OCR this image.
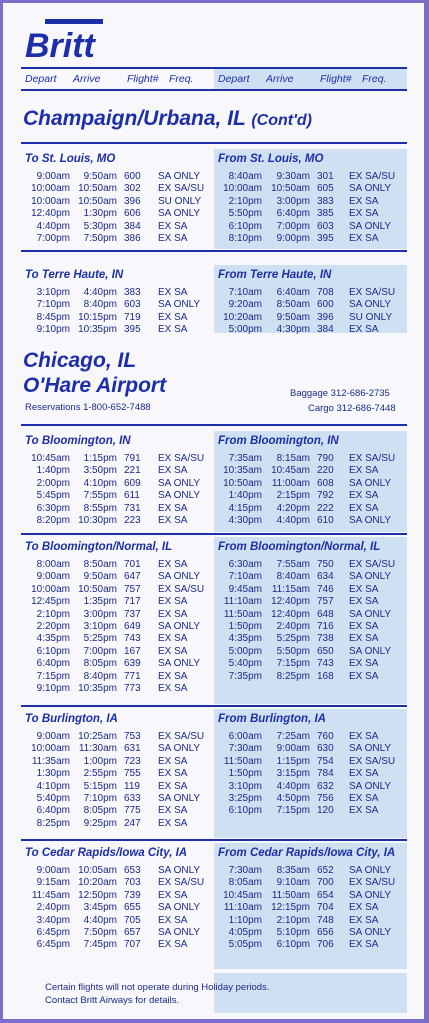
Britt
Depart Arrive	Flight# Freq. Depart Arrive	Flight# Freq.
Champaign/Urbana, IL (Cont'd)
Chicago, IL
O'Hare Airport
Reservations 1-800-652-7488
Baggage 312-686-2735
Cargo 312-686-7448
To St. Louis, MO
9:00am	9:50am 600	SA ONLY
10:00am 10:50am 302	EX SA/SU
10:00am 10:50am 396	SU ONLY
12:40pm	1:30pm 606	SA ONLY
4:40pm	5:30pm 384	EX SA
7:00pm	7:50pm 386	EX SA
From St. Louis, MO
8:40am	9:30am 301	EX SA/SU
10:00am 10:50am 605	SA ONLY
2:10pm	3:00pm 383	EX SA
5:50pm	6:40pm 385	EX SA
6:10pm	7:00pm 603	SA ONLY
8:10pm	9:00pm 395	EX SA
To Terre Haute, IN
3:10pm	4:40pm 383	EX SA
7:10pm	8:40pm 603	SA ONLY
8:45pm 10:15pm 719	EX SA
9:10pm 10:35pm 395	EX SA
From Terre Haute, IN
7:10am	6:40am 708	EX SA/SU
9:20am	8:50am 600	SA ONLY
10:20am	9:50am 396	SU ONLY
5:00pm	4:30pm 384	EX SA
To Bloomington, IN
10:45am	1:15pm 791	EX SA/SU
1:40pm	3:50pm 221	EX SA
2:00pm	4:10pm 609	SA ONLY
5:45pm	7:55pm 611	SA ONLY
6:30pm	8:55pm 731	EX SA
8:20pm 10:30pm 223	EX SA
From Bloomington, IN
7:35am	8:15am 790	EX SA/SU
10:35am 10:45am 220	EX SA
10:50am 11:00am 608	SA ONLY
1:40pm	2:15pm 792	EX SA
4:15pm	4:20pm 222	EX SA
4:30pm	4:40pm 610	SA ONLY
To Bloomington/Normal, IL
8:00am	8:50am 701	EX SA
9:00am	9:50am 647	SA ONLY
10:00am 10:50am 757	EX SA/SU
12:45pm	1:35pm 717	EX SA
2:10pm	3:00pm 737	EX SA
2:20pm	3:10pm 649	SA ONLY
4:35pm	5:25pm 743	EX SA
6:10pm	7:00pm 167	EX SA
6:40pm	8:05pm 639	SA ONLY
7:15pm	8:40pm 771	EX SA
9:10pm 10:35pm 773	EX SA
From Bloomington/Normal, IL
6:30am	7:55am 750	EX SA/SU
7:10am	8:40am 634	SA ONLY
9:45am 11:15am 746	EX SA
11:10am 12:40pm 757	EX SA
11:50am 12:40pm 648	SA ONLY
1:50pm	2:40pm 716	EX SA
4:35pm	5:25pm 738	EX SA
5:00pm	5:50pm 650	SA ONLY
5:40pm	7:15pm 743	EX SA
7:35pm	8:25pm 168	EX SA
To Burlington, IA
9:00am 10:25am 753	EX SA/SU
10:00am 11:30am 631	SA ONLY
11:35am	1:00pm 723	EX SA
1:30pm	2:55pm 755	EX SA
4:10pm	5:15pm 119	EX SA
5:40pm	7:10pm 633	SA ONLY
6:40pm	8:05pm 775	EX SA
8:25pm	9:25pm 247	EX SA
From Burlington, IA
6:00am	7:25am 760	EX SA
7:30am	9:00am 630	SA ONLY
11:50am	1:15pm 754	EX SA/SU
1:50pm	3:15pm 784	EX SA
3:10pm	4:40pm 632	SA ONLY
3:25pm	4:50pm 756	EX SA
6:10pm	7:15pm 120	EX SA
To Cedar Rapids/Iowa City, IA
9:00am 10:05am 653	SA ONLY
9:15am 10:20am 703	EX SA/SU
11:45am 12:50pm 739	EX SA
2:40pm	3:45pm 655	SA ONLY
3:40pm	4:40pm 705	EX SA
6:45pm	7:50pm 657	SA ONLY
6:45pm	7:45pm 707	EX SA
From Cedar Rapids/Iowa City, IA
7:30am	8:35am 652	SA ONLY
8:05am	9:10am 700	EX SA/SU
10:45am 11:50am 654	SA ONLY
11:10am 12:15pm 704	EX SA
1:10pm	2:10pm 748	EX SA
4:05pm	5:10pm 656	SA ONLY
5:05pm	6:10pm 706	EX SA
Certain flights will not operate during Holiday periods.
Contact Britt Airways for details.
